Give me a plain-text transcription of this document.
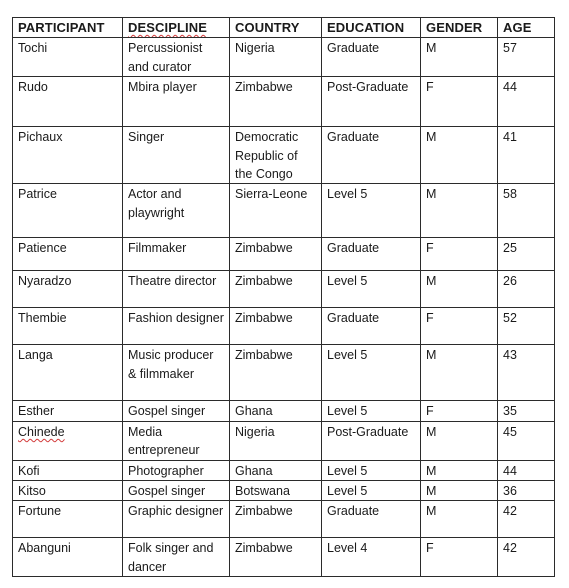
PARTICIPANT	DESCIPLINE	COUNTRY	EDUCATION	GENDER	AGE
Tochi	Percussionist and curator	Nigeria	Graduate	M	57
Rudo	Mbira player	Zimbabwe	Post-Graduate	F	44
Pichaux	Singer	Democratic Republic of the Congo	Graduate	M	41
Patrice	Actor and playwright	Sierra-Leone	Level 5	M	58
Patience	Filmmaker	Zimbabwe	Graduate	F	25
Nyaradzo	Theatre director	Zimbabwe	Level 5	M	26
Thembie	Fashion designer	Zimbabwe	Graduate	F	52
Langa	Music producer & filmmaker	Zimbabwe	Level 5	M	43
Esther	Gospel singer	Ghana	Level 5	F	35
Chinede	Media entrepreneur	Nigeria	Post-Graduate	M	45
Kofi	Photographer	Ghana	Level 5	M	44
Kitso	Gospel singer	Botswana	Level 5	M	36
Fortune	Graphic designer	Zimbabwe	Graduate	M	42
Abanguni	Folk singer and dancer	Zimbabwe	Level 4	F	42
